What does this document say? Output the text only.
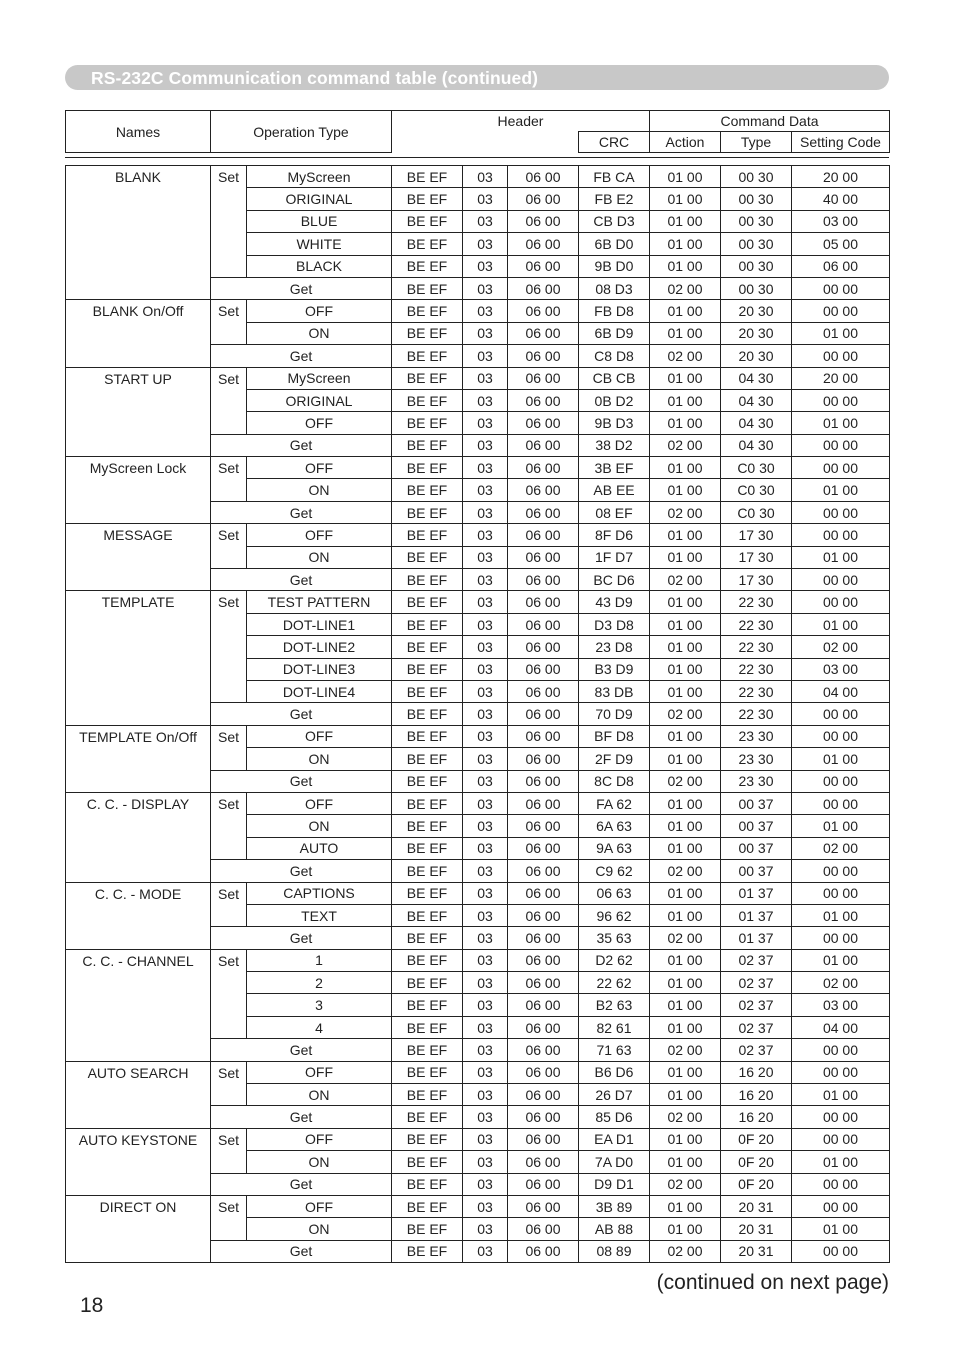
RS-232C Communication command table (continued)
Names	Operation Type	Header		Command Data		
			CRC	Action	Type	Setting Code
BLANK	Set	MyScreen	BE EF	03	06 00	FB CA	01 00	00 30	20 00
		ORIGINAL	BE EF	03	06 00	FB E2	01 00	00 30	40 00
		BLUE	BE EF	03	06 00	CB D3	01 00	00 30	03 00
		WHITE	BE EF	03	06 00	6B D0	01 00	00 30	05 00
		BLACK	BE EF	03	06 00	9B D0	01 00	00 30	06 00
	Get		BE EF	03	06 00	08 D3	02 00	00 30	00 00
BLANK On/Off	Set	OFF	BE EF	03	06 00	FB D8	01 00	20 30	00 00
		ON	BE EF	03	06 00	6B D9	01 00	20 30	01 00
	Get		BE EF	03	06 00	C8 D8	02 00	20 30	00 00
START UP	Set	MyScreen	BE EF	03	06 00	CB CB	01 00	04 30	20 00
		ORIGINAL	BE EF	03	06 00	0B D2	01 00	04 30	00 00
		OFF	BE EF	03	06 00	9B D3	01 00	04 30	01 00
	Get		BE EF	03	06 00	38 D2	02 00	04 30	00 00
MyScreen Lock	Set	OFF	BE EF	03	06 00	3B EF	01 00	C0 30	00 00
		ON	BE EF	03	06 00	AB EE	01 00	C0 30	01 00
	Get		BE EF	03	06 00	08 EF	02 00	C0 30	00 00
MESSAGE	Set	OFF	BE EF	03	06 00	8F D6	01 00	17 30	00 00
		ON	BE EF	03	06 00	1F D7	01 00	17 30	01 00
	Get		BE EF	03	06 00	BC D6	02 00	17 30	00 00
TEMPLATE	Set	TEST PATTERN	BE EF	03	06 00	43 D9	01 00	22 30	00 00
		DOT-LINE1	BE EF	03	06 00	D3 D8	01 00	22 30	01 00
		DOT-LINE2	BE EF	03	06 00	23 D8	01 00	22 30	02 00
		DOT-LINE3	BE EF	03	06 00	B3 D9	01 00	22 30	03 00
		DOT-LINE4	BE EF	03	06 00	83 DB	01 00	22 30	04 00
	Get		BE EF	03	06 00	70 D9	02 00	22 30	00 00
TEMPLATE On/Off	Set	OFF	BE EF	03	06 00	BF D8	01 00	23 30	00 00
		ON	BE EF	03	06 00	2F D9	01 00	23 30	01 00
	Get		BE EF	03	06 00	8C D8	02 00	23 30	00 00
C. C. - DISPLAY	Set	OFF	BE EF	03	06 00	FA 62	01 00	00 37	00 00
		ON	BE EF	03	06 00	6A 63	01 00	00 37	01 00
		AUTO	BE EF	03	06 00	9A 63	01 00	00 37	02 00
	Get		BE EF	03	06 00	C9 62	02 00	00 37	00 00
C. C. - MODE	Set	CAPTIONS	BE EF	03	06 00	06 63	01 00	01 37	00 00
		TEXT	BE EF	03	06 00	96 62	01 00	01 37	01 00
	Get		BE EF	03	06 00	35 63	02 00	01 37	00 00
C. C. - CHANNEL	Set	1	BE EF	03	06 00	D2 62	01 00	02 37	01 00
		2	BE EF	03	06 00	22 62	01 00	02 37	02 00
		3	BE EF	03	06 00	B2 63	01 00	02 37	03 00
		4	BE EF	03	06 00	82 61	01 00	02 37	04 00
	Get		BE EF	03	06 00	71 63	02 00	02 37	00 00
AUTO SEARCH	Set	OFF	BE EF	03	06 00	B6 D6	01 00	16 20	00 00
		ON	BE EF	03	06 00	26 D7	01 00	16 20	01 00
	Get		BE EF	03	06 00	85 D6	02 00	16 20	00 00
AUTO KEYSTONE	Set	OFF	BE EF	03	06 00	EA D1	01 00	0F 20	00 00
		ON	BE EF	03	06 00	7A D0	01 00	0F 20	01 00
	Get		BE EF	03	06 00	D9 D1	02 00	0F 20	00 00
DIRECT ON	Set	OFF	BE EF	03	06 00	3B 89	01 00	20 31	00 00
		ON	BE EF	03	06 00	AB 88	01 00	20 31	01 00
	Get		BE EF	03	06 00	08 89	02 00	20 31	00 00
18
(continued on next page)
